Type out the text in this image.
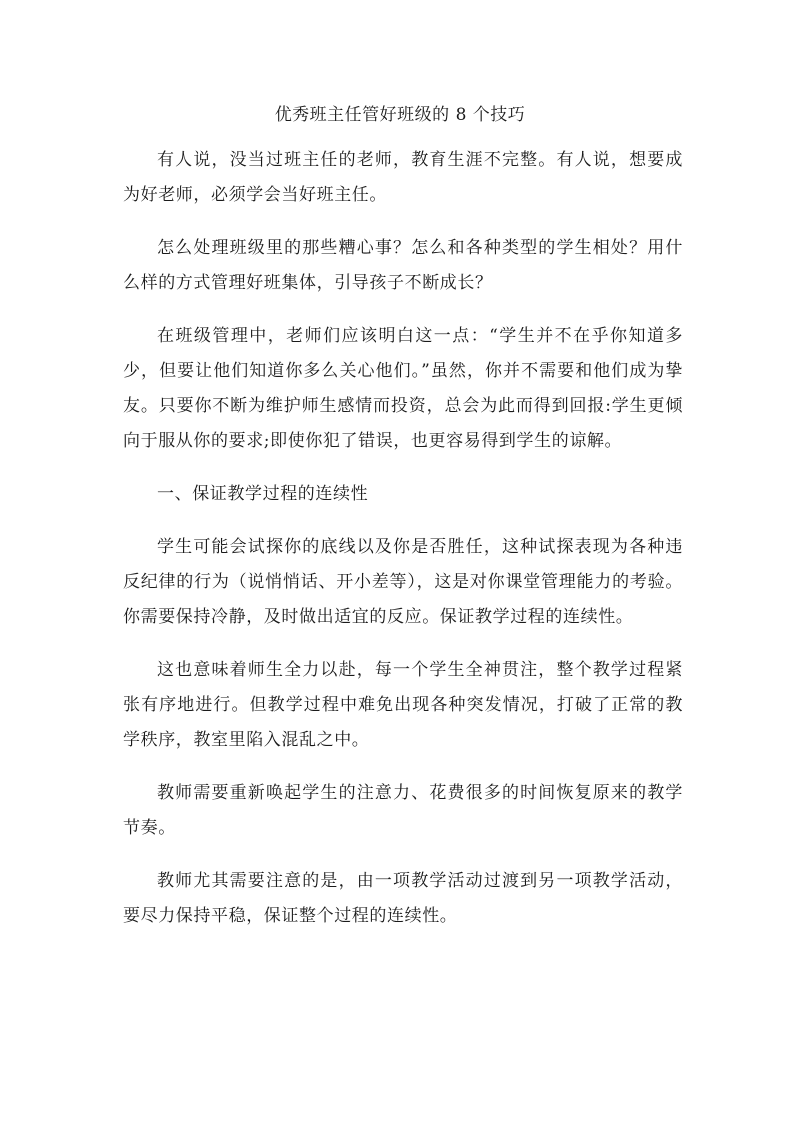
优秀班主任管好班级的 8 个技巧

有人说，没当过班主任的老师，教育生涯不完整。有人说，想要成为好老师，必须学会当好班主任。

怎么处理班级里的那些糟心事？怎么和各种类型的学生相处？用什么样的方式管理好班集体，引导孩子不断成长？

在班级管理中，老师们应该明白这一点：“学生并不在乎你知道多少，但要让他们知道你多么关心他们。”虽然，你并不需要和他们成为挚友。只要你不断为维护师生感情而投资，总会为此而得到回报:学生更倾向于服从你的要求;即使你犯了错误，也更容易得到学生的谅解。

一、保证教学过程的连续性

学生可能会试探你的底线以及你是否胜任，这种试探表现为各种违反纪律的行为（说悄悄话、开小差等），这是对你课堂管理能力的考验。你需要保持冷静，及时做出适宜的反应。保证教学过程的连续性。

这也意味着师生全力以赴，每一个学生全神贯注，整个教学过程紧张有序地进行。但教学过程中难免出现各种突发情况，打破了正常的教学秩序，教室里陷入混乱之中。

教师需要重新唤起学生的注意力、花费很多的时间恢复原来的教学节奏。

教师尤其需要注意的是，由一项教学活动过渡到另一项教学活动，要尽力保持平稳，保证整个过程的连续性。
